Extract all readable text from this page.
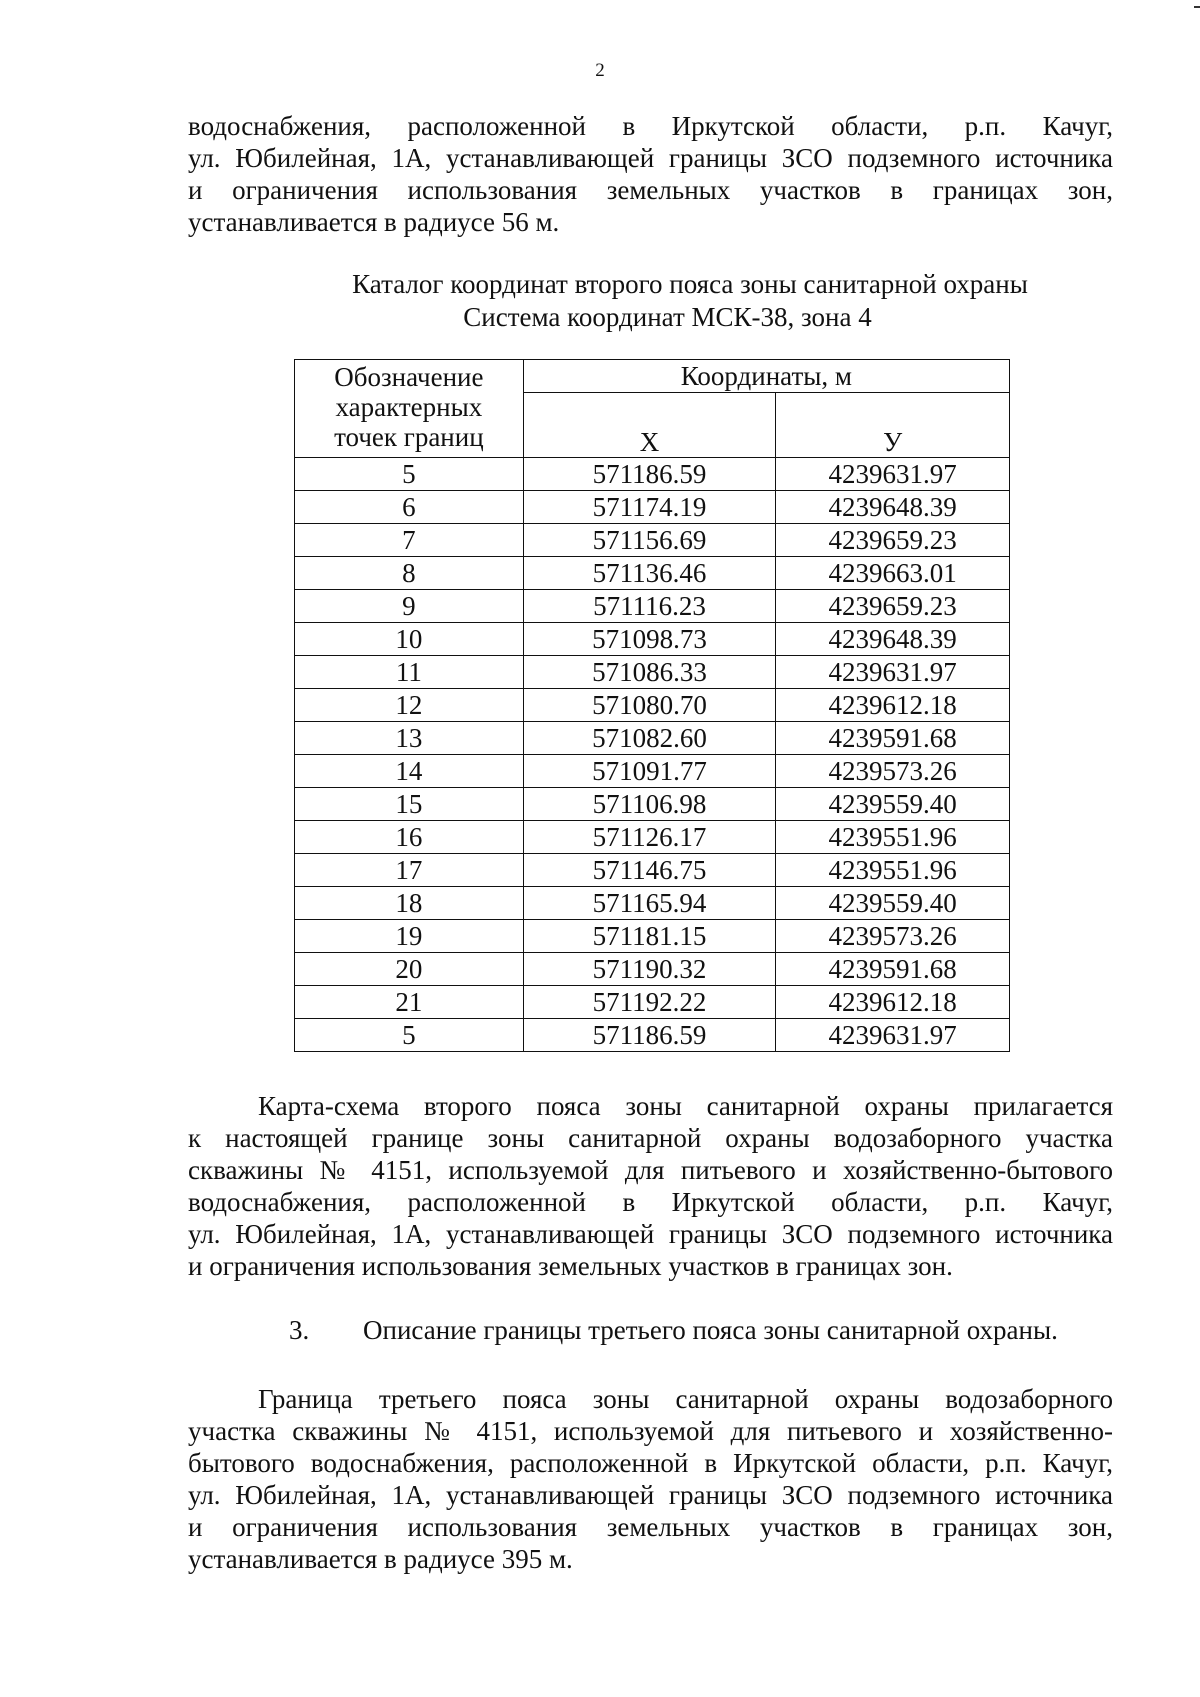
2
водоснабжения, расположенной в Иркутской области, р.п. Качуг,
ул. Юбилейная, 1А, устанавливающей границы ЗСО подземного источника
и ограничения использования земельных участков в границах зон,
устанавливается в радиусе 56 м.
Каталог координат второго пояса зоны санитарной охраны
Система координат МСК-38, зона 4
Обозначение
характерных
точек границ	Координаты, м	
	X	У
5	571186.59	4239631.97
6	571174.19	4239648.39
7	571156.69	4239659.23
8	571136.46	4239663.01
9	571116.23	4239659.23
10	571098.73	4239648.39
11	571086.33	4239631.97
12	571080.70	4239612.18
13	571082.60	4239591.68
14	571091.77	4239573.26
15	571106.98	4239559.40
16	571126.17	4239551.96
17	571146.75	4239551.96
18	571165.94	4239559.40
19	571181.15	4239573.26
20	571190.32	4239591.68
21	571192.22	4239612.18
5	571186.59	4239631.97
Карта-схема второго пояса зоны санитарной охраны прилагается
к настоящей границе зоны санитарной охраны водозаборного участка
скважины № 4151, используемой для питьевого и хозяйственно-бытового
водоснабжения, расположенной в Иркутской области, р.п. Качуг,
ул. Юбилейная, 1А, устанавливающей границы ЗСО подземного источника
и ограничения использования земельных участков в границах зон.
3. Описание границы третьего пояса зоны санитарной охраны.
Граница третьего пояса зоны санитарной охраны водозаборного
участка скважины № 4151, используемой для питьевого и хозяйственно-
бытового водоснабжения, расположенной в Иркутской области, р.п. Качуг,
ул. Юбилейная, 1А, устанавливающей границы ЗСО подземного источника
и ограничения использования земельных участков в границах зон,
устанавливается в радиусе 395 м.
